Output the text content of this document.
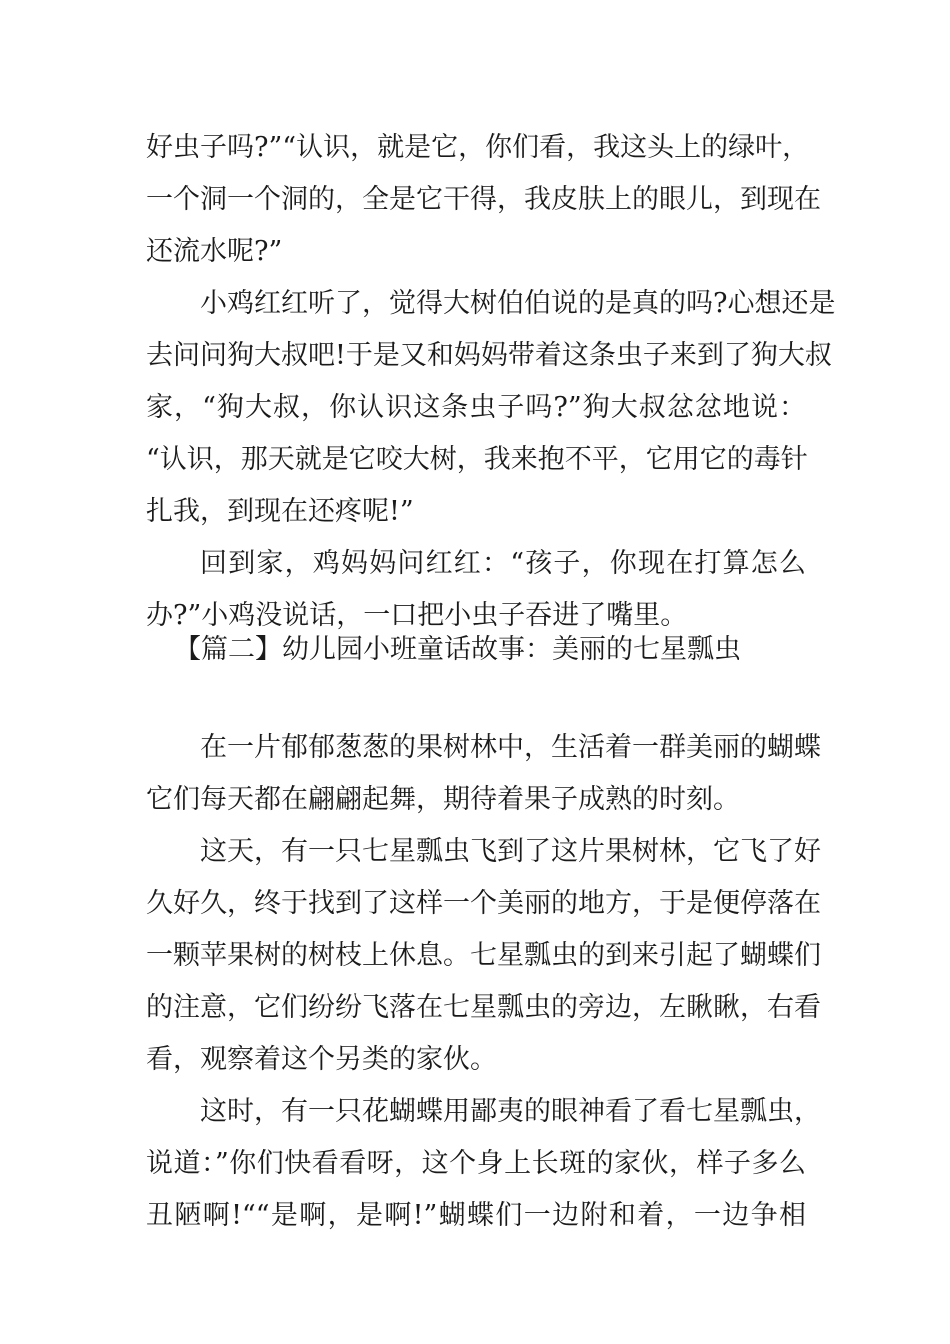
好虫子吗?”“认识，就是它，你们看，我这头上的绿叶，
一个洞一个洞的，全是它干得，我皮肤上的眼儿，到现在
还流水呢?”
小鸡红红听了，觉得大树伯伯说的是真的吗?心想还是
去问问狗大叔吧!于是又和妈妈带着这条虫子来到了狗大叔
家，“狗大叔，你认识这条虫子吗?”狗大叔忿忿地说：
“认识，那天就是它咬大树，我来抱不平，它用它的毒针
扎我，到现在还疼呢!”
回到家，鸡妈妈问红红：“孩子，你现在打算怎么
办?”小鸡没说话，一口把小虫子吞进了嘴里。
【篇二】幼儿园小班童话故事：美丽的七星瓢虫
在一片郁郁葱葱的果树林中，生活着一群美丽的蝴蝶
它们每天都在翩翩起舞，期待着果子成熟的时刻。
这天，有一只七星瓢虫飞到了这片果树林，它飞了好
久好久，终于找到了这样一个美丽的地方，于是便停落在
一颗苹果树的树枝上休息。七星瓢虫的到来引起了蝴蝶们
的注意，它们纷纷飞落在七星瓢虫的旁边，左瞅瞅，右看
看，观察着这个另类的家伙。
这时，有一只花蝴蝶用鄙夷的眼神看了看七星瓢虫，
说道：”你们快看看呀，这个身上长斑的家伙，样子多么
丑陋啊!““是啊，是啊!”蝴蝶们一边附和着，一边争相
